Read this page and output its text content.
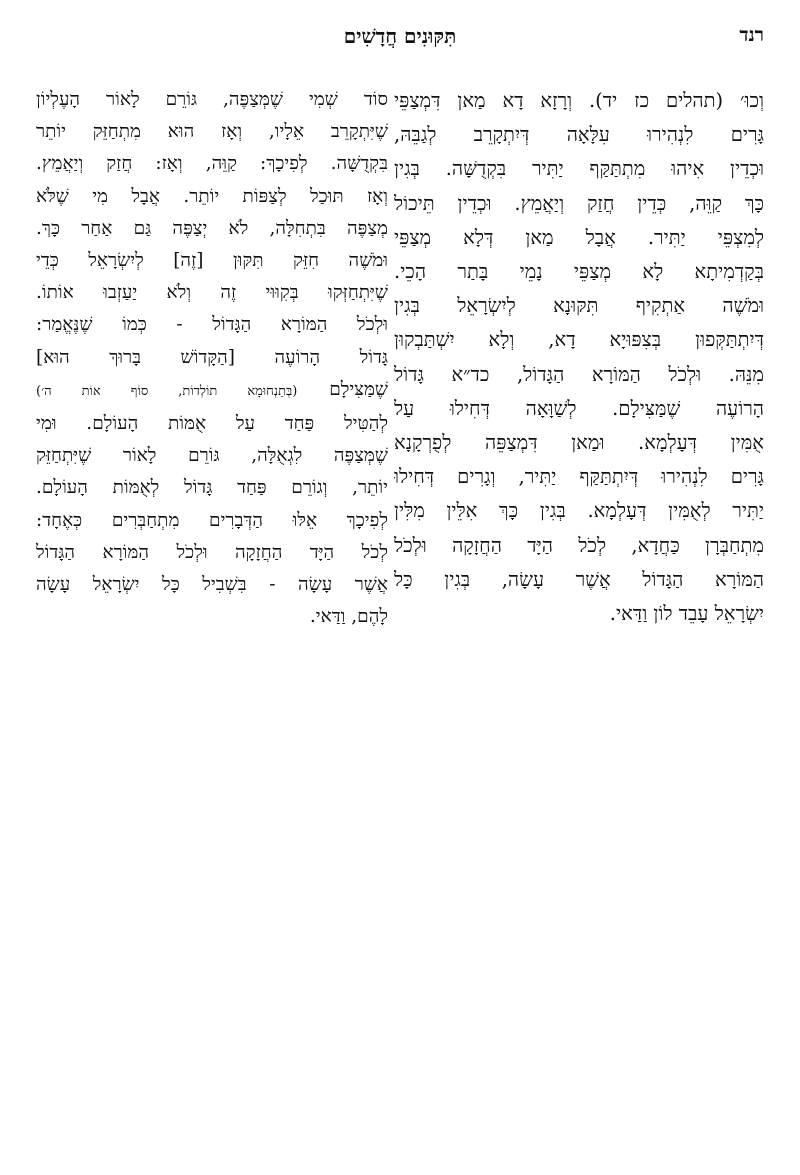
רנד
תִּקּוּנִים חֲדָשִׁים
וְכוּ׳ (תהלים כז יד). וְרָזָא דָא מַאן דִּמְצַפֵּי
גָּרִים לִנְהִירוּ עִלָּאָה דְּיִתְקָרֵב לְגַבֵּהּ,
וּכְדֵין אִיהוּ מִתְתַּקַּף יַתִּיר בִּקְדֻשָּׁה. בְּגִין
כָּךְ קַוֵּה, כְּדֵין חֲזַק וְיַאֲמֵץ. וּכְדֵין תֵּיכוֹל
לְמִצְפֵּי יַתִּיר. אֲבָל מַאן דְּלָא מְצַפֵּי
בְּקַדְמִיתָא לָא מְצַפֵּי נָמֵי בָּתַר הָכֵי.
וּמֹשֶׁה אַתְקִיף תִּקּוּנָא לְיִשְׂרָאֵל בְּגִין
דְּיִתְתַּקְּפוּן בְּצִפּוּיָא דָא, וְלָא יִשְׁתַּבְקוּן
מִנֵּהּ. וּלְכֹל הַמּוֹרָא הַגָּדוֹל, כד״א גָּדוֹל
הָרוֹעֶה שֶׁמַּצִּילָם. לְשַׁוָּאָה דְּחִילוּ עַל
אֻמִּין דְּעָלְמָא. וּמַאן דִּמְצַפֵּה לְפֻרְקָנָא
גָּרִים לִנְהִירוּ דְּיִתְתַּקַּף יַתִּיר, וְגָרִים דְּחִילוּ
יַתִּיר לְאֻמִּין דְּעָלְמָא. בְּגִין כָּךְ אִלֵּין מִלִּין
מִתְחַבְּרָן כַּחֲדָא, לְכֹל הַיָּד הַחֲזָקָה וּלְכֹל
הַמּוֹרָא הַגָּדוֹל אֲשֶׁר עָשָׂה, בְּגִין כָּל
יִשְׂרָאֵל עָבֵד לוֹן וַדַּאי.
סוֹד שְׁמִי שֶׁמְּצַפֶּה, גּוֹרֵם לָאוֹר הָעֶלְיוֹן
שֶׁיִּתְקָרֵב אֵלָיו, וְאָז הוּא מִתְחַזֵּק יוֹתֵר
בִּקְדֻשָּׁה. לְפִיכָךְ: קַוֵּה, וְאָז: חֲזַק וְיַאֲמֵץ.
וְאָז תּוּכַל לְצַפּוֹת יוֹתֵר. אֲבָל מִי שֶׁלֹּא
מְצַפֶּה בִּתְחִלָּה, לֹא יְצַפֶּה גַּם אַחַר כָּךְ.
וּמֹשֶׁה חִזֵּק תִּקּוּן [זֶה] לְיִשְׂרָאֵל כְּדֵי
שֶׁיִּתְחַזְּקוּ בְּקִוּוּי זֶה וְלֹא יַעַזְבוּ אוֹתוֹ.
וּלְכֹל הַמּוֹרָא הַגָּדוֹל - כְּמוֹ שֶׁנֶּאֱמַר:
גָּדוֹל הָרוֹעֶה [הַקָּדוֹשׁ בָּרוּךְ הוּא]
שֶׁמַּצִּילָם (בְּתַנְחוּמָא תוֹלְדוֹת, סוֹף אוֹת ה׳)
לְהַטִּיל פַּחַד עַל אֻמּוֹת הָעוֹלָם. וּמִי
שֶׁמְּצַפֶּה לִגְאֻלָּה, גּוֹרֵם לָאוֹר שֶׁיִּתְחַזֵּק
יוֹתֵר, וְגוֹרֵם פַּחַד גָּדוֹל לְאֻמּוֹת הָעוֹלָם.
לְפִיכָךְ אֵלּוּ הַדְּבָרִים מִתְחַבְּרִים כְּאֶחָד:
לְכֹל הַיָּד הַחֲזָקָה וּלְכֹל הַמּוֹרָא הַגָּדוֹל
אֲשֶׁר עָשָׂה - בִּשְׁבִיל כָּל יִשְׂרָאֵל עָשָׂה
לָהֶם, וַדַּאי.
